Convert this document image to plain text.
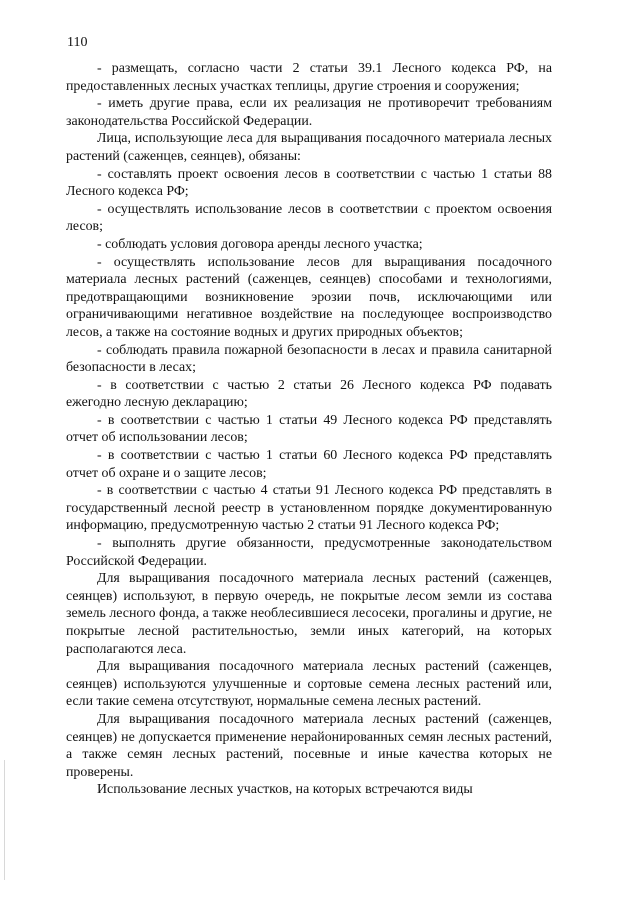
110

- размещать, согласно части 2 статьи 39.1 Лесного кодекса РФ, на предоставленных лесных участках теплицы, другие строения и сооружения;

- иметь другие права, если их реализация не противоречит требованиям законодательства Российской Федерации.

Лица, использующие леса для выращивания посадочного материала лесных растений (саженцев, сеянцев), обязаны:

- составлять проект освоения лесов в соответствии с частью 1 статьи 88 Лесного кодекса РФ;

- осуществлять использование лесов в соответствии с проектом освоения лесов;

- соблюдать условия договора аренды лесного участка;

- осуществлять использование лесов для выращивания посадочного материала лесных растений (саженцев, сеянцев) способами и технологиями, предотвращающими возникновение эрозии почв, исключающими или ограничивающими негативное воздействие на последующее воспроизводство лесов, а также на состояние водных и других природных объектов;

- соблюдать правила пожарной безопасности в лесах и правила санитарной безопасности в лесах;

- в соответствии с частью 2 статьи 26 Лесного кодекса РФ подавать ежегодно лесную декларацию;

- в соответствии с частью 1 статьи 49 Лесного кодекса РФ представлять отчет об использовании лесов;

- в соответствии с частью 1 статьи 60 Лесного кодекса РФ представлять отчет об охране и о защите лесов;

- в соответствии с частью 4 статьи 91 Лесного кодекса РФ представлять в государственный лесной реестр в установленном порядке документированную информацию, предусмотренную частью 2 статьи 91 Лесного кодекса РФ;

- выполнять другие обязанности, предусмотренные законодательством Российской Федерации.

Для выращивания посадочного материала лесных растений (саженцев, сеянцев) используют, в первую очередь, не покрытые лесом земли из состава земель лесного фонда, а также необлесившиеся лесосеки, прогалины и другие, не покрытые лесной растительностью, земли иных категорий, на которых располагаются леса.

Для выращивания посадочного материала лесных растений (саженцев, сеянцев) используются улучшенные и сортовые семена лесных растений или, если такие семена отсутствуют, нормальные семена лесных растений.

Для выращивания посадочного материала лесных растений (саженцев, сеянцев) не допускается применение нерайонированных семян лесных растений, а также семян лесных растений, посевные и иные качества которых не проверены.

Использование лесных участков, на которых встречаются виды
